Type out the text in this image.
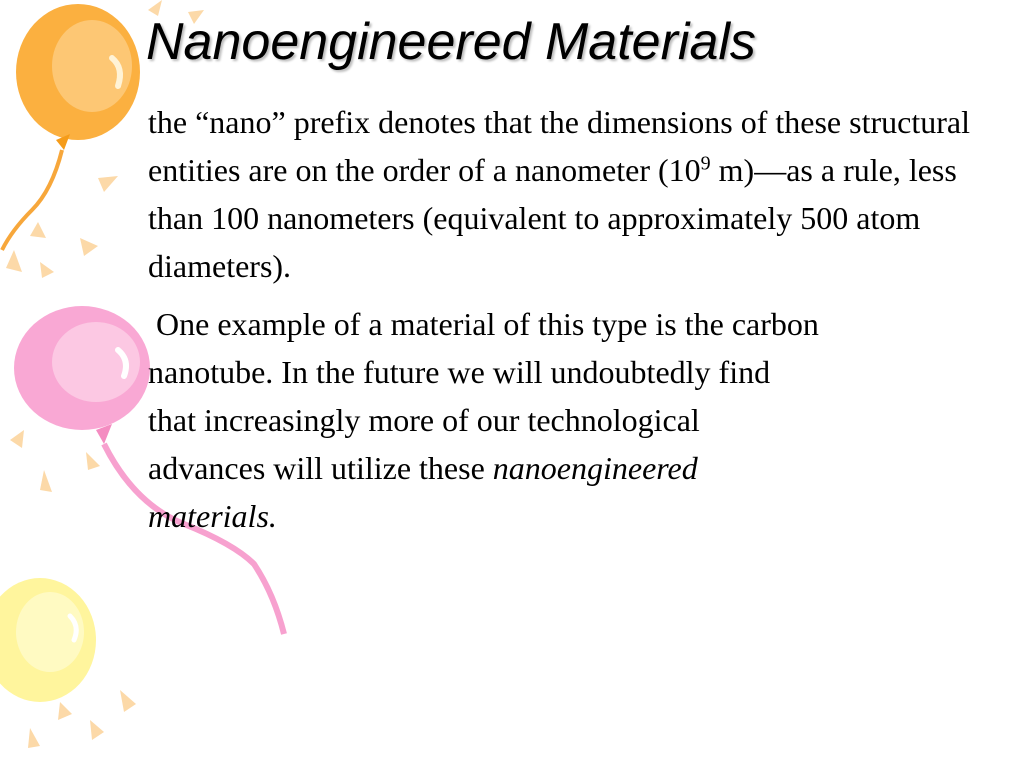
Nanoengineered Materials

the “nano” prefix denotes that the dimensions of these structural entities are on the order of a nanometer ($10^9$ m)—as a rule, less than 100 nanometers (equivalent to approximately 500 atom diameters).

One example of a material of this type is the carbon
nanotube. In the future we will undoubtedly find
that increasingly more of our technological
advances will utilize these nanoengineered
materials.
